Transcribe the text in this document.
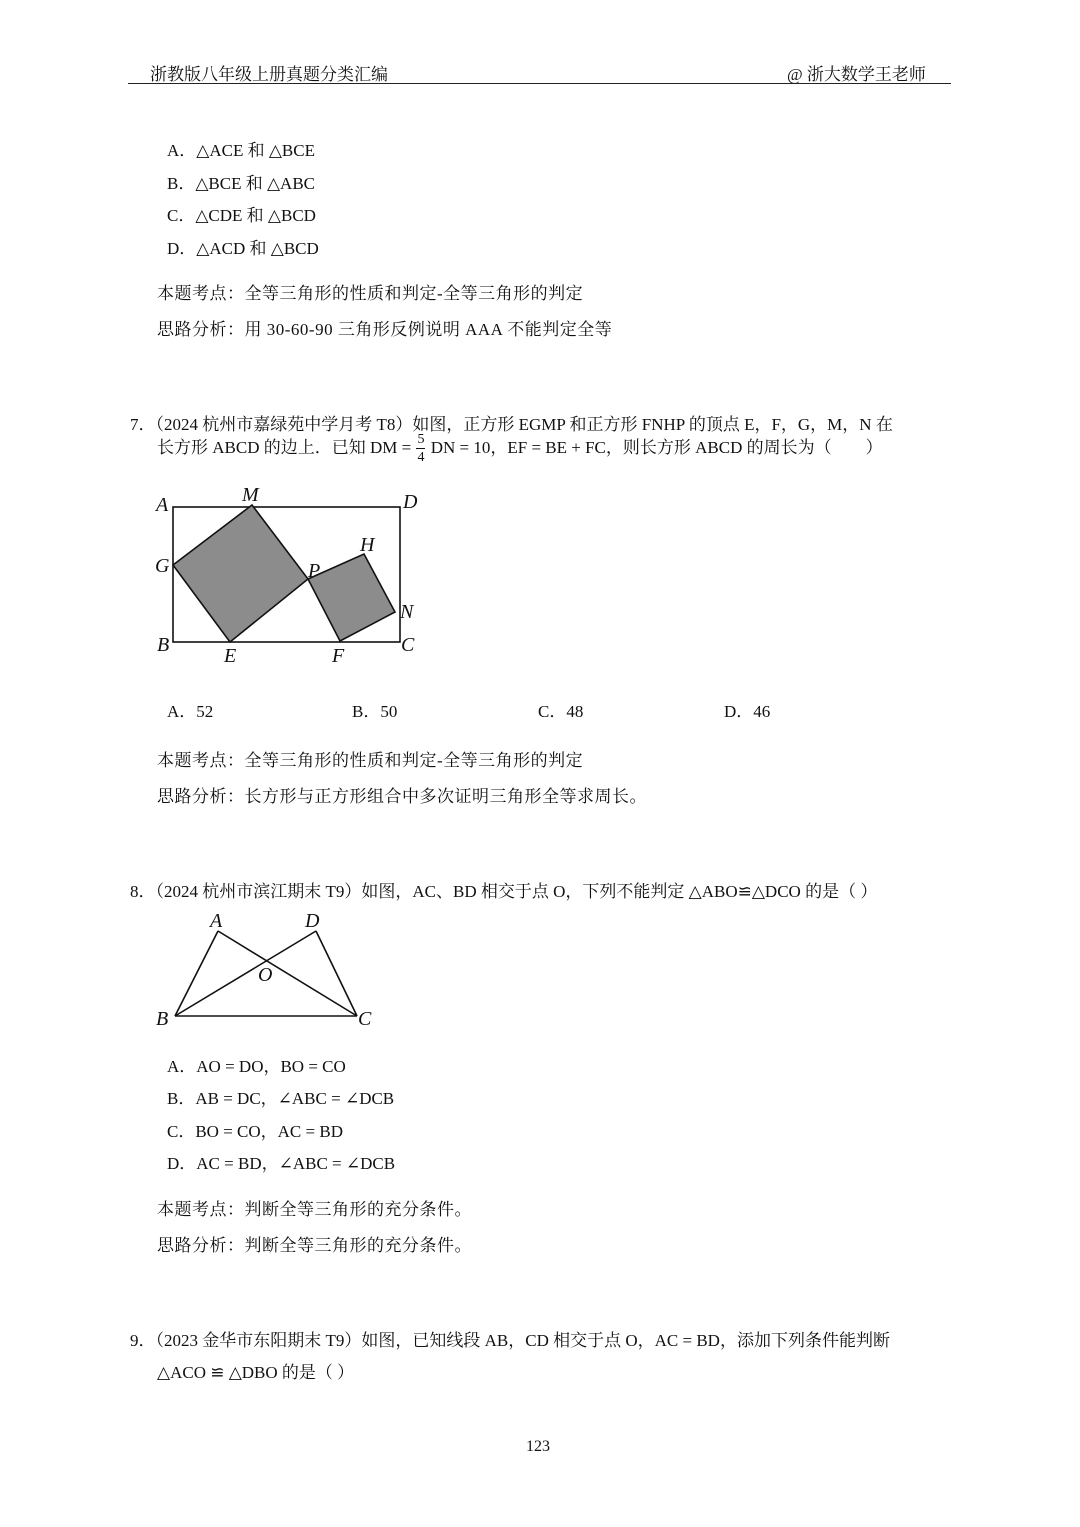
浙教版八年级上册真题分类汇编	@ 浙大数学王老师
A．△ACE 和 △BCE
B．△BCE 和 △ABC
C．△CDE 和 △BCD
D．△ACD 和 △BCD
本题考点：全等三角形的性质和判定-全等三角形的判定
思路分析：用 30-60-90 三角形反例说明 AAA 不能判定全等
7．（2024 杭州市嘉绿苑中学月考 T8）如图，正方形 EGMP 和正方形 FNHP 的顶点 E，F，G，M，N 在
长方形 ABCD 的边上．已知 DM = $\frac{5}{4}$ DN = 10，EF = BE + FC，则长方形 ABCD 的周长为（　　）
A	M	D
G
H
P
N
B	E	F	C
A．52	B．50	C．48	D．46
本题考点：全等三角形的性质和判定-全等三角形的判定
思路分析：长方形与正方形组合中多次证明三角形全等求周长。
8．（2024 杭州市滨江期末 T9）如图，AC、BD 相交于点 O，下列不能判定 △ABO≌△DCO 的是（ ）
A	D
O
B	C
A．AO = DO，BO = CO
B．AB = DC，∠ABC = ∠DCB
C．BO = CO，AC = BD
D．AC = BD，∠ABC = ∠DCB
本题考点：判断全等三角形的充分条件。
思路分析：判断全等三角形的充分条件。
9．（2023 金华市东阳期末 T9）如图，已知线段 AB，CD 相交于点 O，AC = BD，添加下列条件能判断
△ACO ≌ △DBO 的是（ ）
123
